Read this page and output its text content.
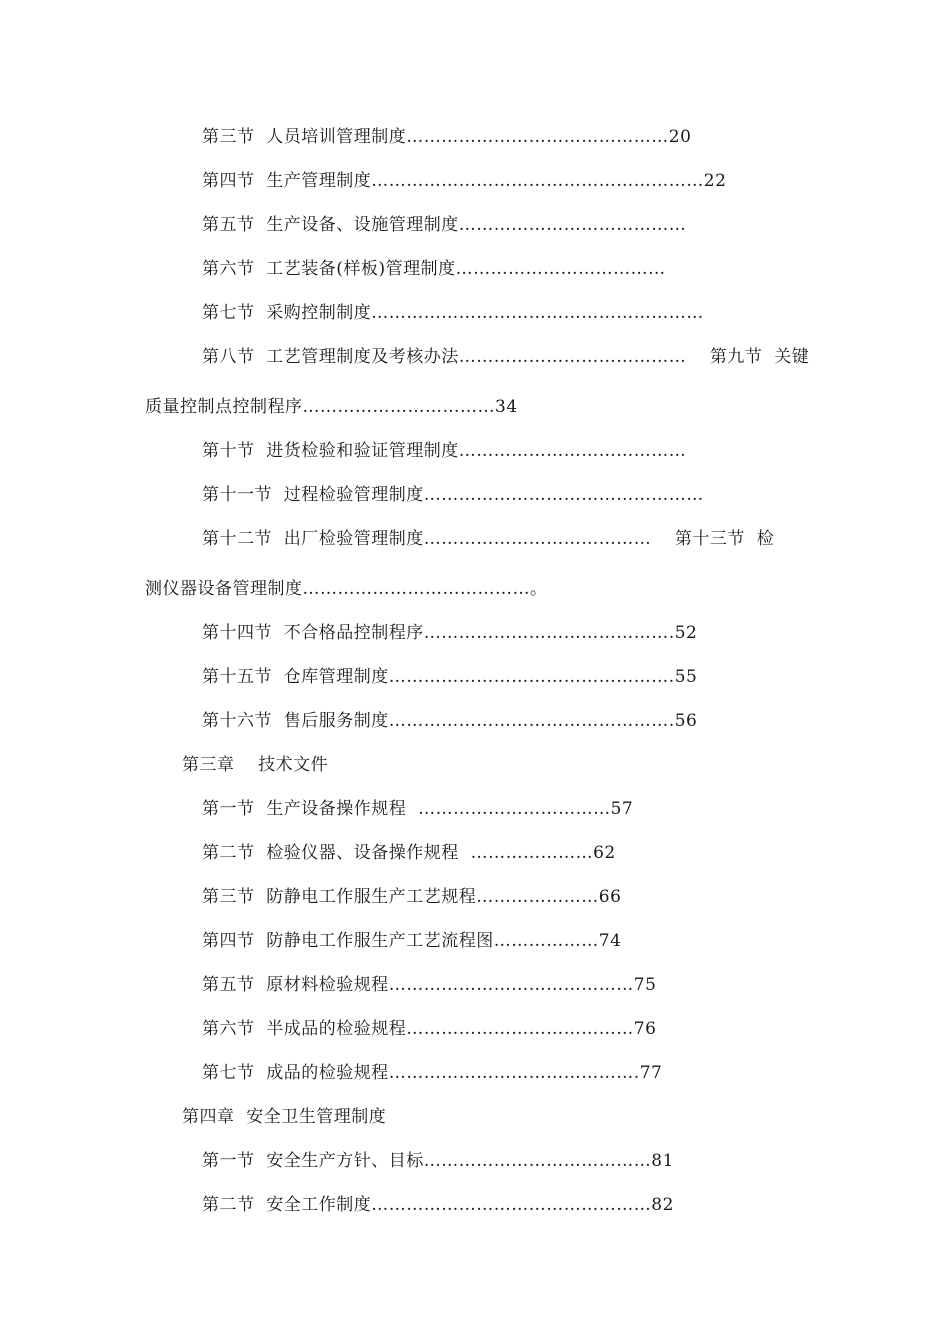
第三节  人员培训管理制度………………………………………20
第四节  生产管理制度…………………………………………………22
第五节  生产设备、设施管理制度…………………………………
第六节  工艺装备(样板)管理制度………………………………
第七节  采购控制制度…………………………………………………
第八节  工艺管理制度及考核办法…………………………………    第九节  关键
质量控制点控制程序……………………………34
第十节  进货检验和验证管理制度…………………………………
第十一节  过程检验管理制度…………………………………………
第十二节  出厂检验管理制度…………………………………    第十三节  检
测仪器设备管理制度…………………………………。
第十四节  不合格品控制程序…………………………………….52
第十五节  仓库管理制度………………………………………….55
第十六节  售后服务制度………………………………………….56
第三章    技术文件
第一节  生产设备操作规程  ……………………………57
第二节  检验仪器、设备操作规程  …………………62
第三节  防静电工作服生产工艺规程…………………66
第四节  防静电工作服生产工艺流程图………………74
第五节  原材料检验规程……………………………………75
第六节  半成品的检验规程…………………………………76
第七节  成品的检验规程…………………………………….77
第四章  安全卫生管理制度
第一节  安全生产方针、目标…………………………………81
第二节  安全工作制度…………………………………………82
